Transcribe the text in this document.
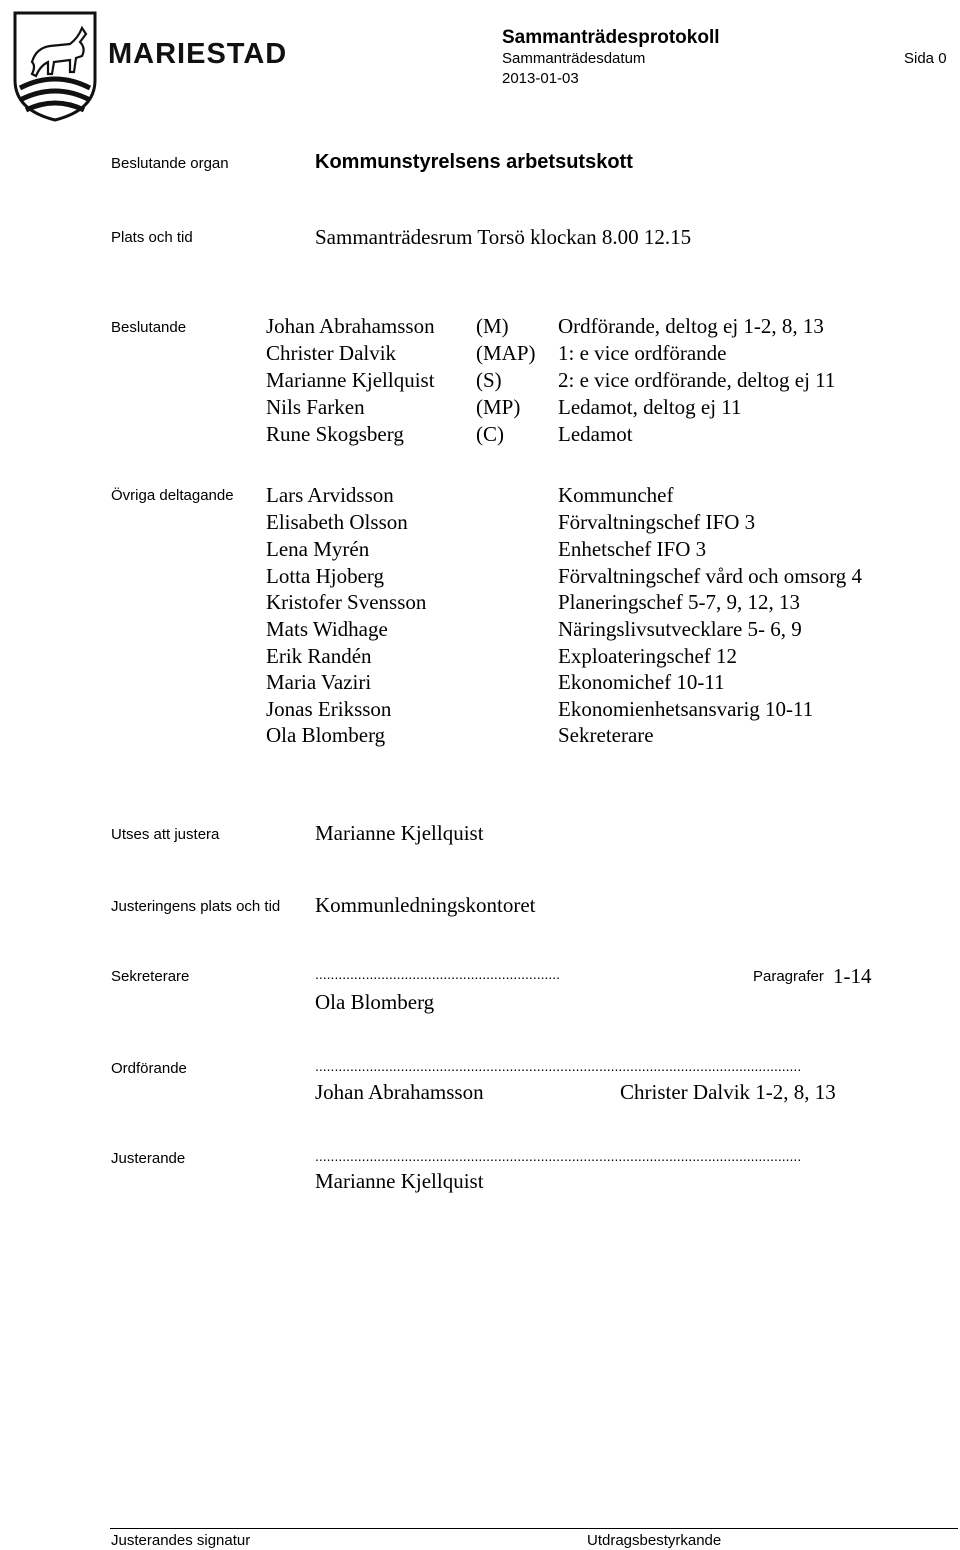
MARIESTAD
Sammanträdesprotokoll
Sammanträdesdatum
2013-01-03
Sida 0
Beslutande organ	Kommunstyrelsens arbetsutskott
Plats och tid	Sammanträdesrum Torsö klockan 8.00 12.15
Beslutande	Johan Abrahamsson (M) Ordförande, deltog ej 1-2, 8, 13
Christer Dalvik	(MAP) 1: e vice ordförande
Marianne Kjellquist (S)	2: e vice ordförande, deltog ej 11
Nils Farken	(MP) Ledamot, deltog ej 11
Rune Skogsberg	(C)	Ledamot
Övriga deltagande Lars Arvidsson	Kommunchef
Elisabeth Olsson	Förvaltningschef IFO 3
Lena Myrén	Enhetschef IFO 3
Lotta Hjoberg	Förvaltningschef vård och omsorg 4
Kristofer Svensson	Planeringschef 5-7, 9, 12, 13
Mats Widhage	Näringslivsutvecklare 5- 6, 9
Erik Randén	Exploateringschef 12
Maria Vaziri	Ekonomichef 10-11
Jonas Eriksson	Ekonomienhetsansvarig 10-11
Ola Blomberg	Sekreterare
Utses att justera	Marianne Kjellquist
Justeringens plats och tid Kommunledningskontoret
Sekreterare	...............................................................	Paragrafer 1-14
Ola Blomberg
Ordförande	.............................................................................................................................
Johan Abrahamsson	Christer Dalvik 1-2, 8, 13
Justerande	.............................................................................................................................
Marianne Kjellquist
Justerandes signatur	Utdragsbestyrkande
